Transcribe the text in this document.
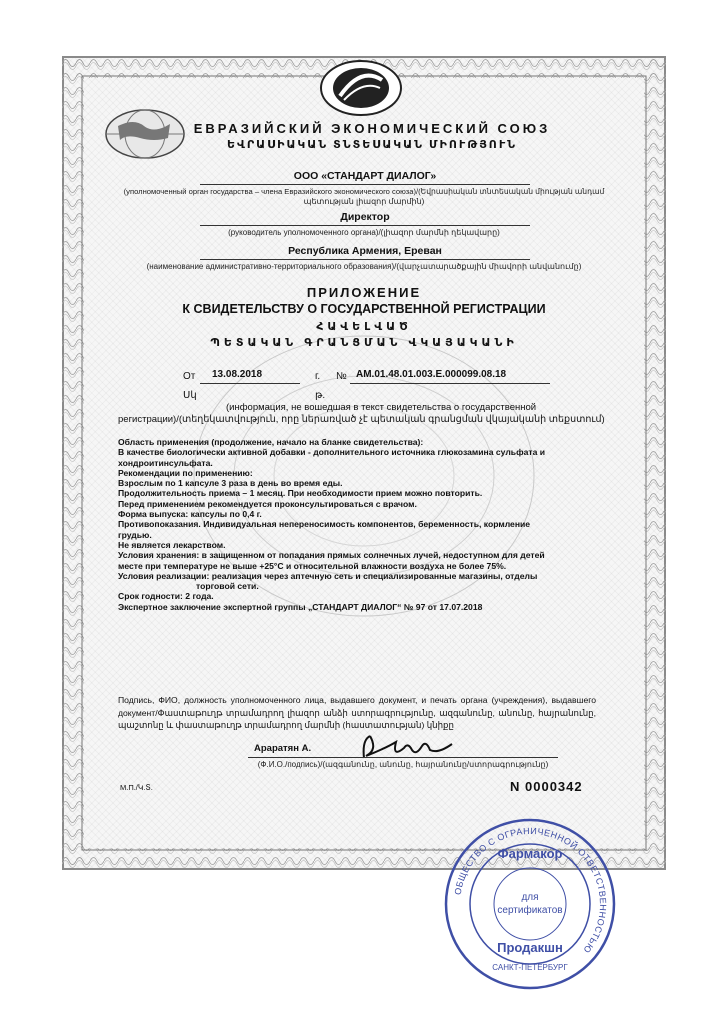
ЕВРАЗИЙСКИЙ ЭКОНОМИЧЕСКИЙ СОЮЗ
ԵՎՐԱՍԻԱԿԱՆ ՏՆՏԵՍԱԿԱՆ ՄԻՈՒԹՅՈՒՆ
ООО «СТАНДАРТ ДИАЛОГ»
(уполномоченный орган государства – члена Евразийского экономического союза)/(Եվրասիական տնտեսական միության անդամ
պետության լիազոր մարմին)
Директор
(руководитель уполномоченного органа)/(լիազոր մարմնի ղեկավարը)
Республика Армения, Ереван
(наименование административно-территориального образования)/(վարչատարածքային միավորի անվանումը)
ПРИЛОЖЕНИЕ
К СВИДЕТЕЛЬСТВУ О ГОСУДАРСТВЕННОЙ РЕГИСТРАЦИИ
ՀԱՎԵԼՎԱԾ
ՊԵՏԱԿԱՆ ԳՐԱՆՑՄԱՆ ՎԿԱՅԱԿԱՆԻ
От 13.08.2018	г. № AM.01.48.01.003.E.000099.08.18
Սկ	թ.
(информация, не вошедшая в текст свидетельства о государственной
регистрации)/(տեղեկատվություն, որը ներառված չէ պետական գրանցման վկայականի տեքստում)
Область применения (продолжение, начало на бланке свидетельства):
В качестве биологически активной добавки - дополнительного источника глюкозамина сульфата и
хондроитинсульфата.
Рекомендации по применению:
Взрослым по 1 капсуле 3 раза в день во время еды.
Продолжительность приема – 1 месяц. При необходимости прием можно повторить.
Перед применением рекомендуется проконсультироваться с врачом.
Форма выпуска: капсулы по 0,4 г.
Противопоказания. Индивидуальная непереносимость компонентов, беременность, кормление
грудью.
Не является лекарством.
Условия хранения: в защищенном от попадания прямых солнечных лучей, недоступном для детей
месте при температуре не выше +25°С и относительной влажности воздуха не более 75%.
Условия реализации: реализация через аптечную сеть и специализированные магазины, отделы
торговой сети.
Срок годности: 2 года.
Экспертное заключение экспертной группы „СТАНДАРТ ДИАЛОГ“ № 97 от 17.07.2018
Подпись, ФИО, должность уполномоченного лица, выдавшего документ, и печать органа (учреждения), выдавшего документ/Փաստաթուղթ տրամադրող լիազոր անձի ստորագրությունը, ազգանունը, անունը, հայրանունը, պաշտոնը և փաստաթուղթ տրամադրող մարմնի (հաստատության) կնիքը
Араратян А.
(Ф.И.О./подпись)/(ազգանունը, անունը, հայրանունը/ստորագրությունը)
М.П./Կ.Տ.	N 0000342
ОБЩЕСТВО С ОГРАНИЧЕННОЙ ОТВЕТСТВЕННОСТЬЮ
Фармакор
для
сертификатов
Продакшн
САНКТ-ПЕТЕРБУРГ
